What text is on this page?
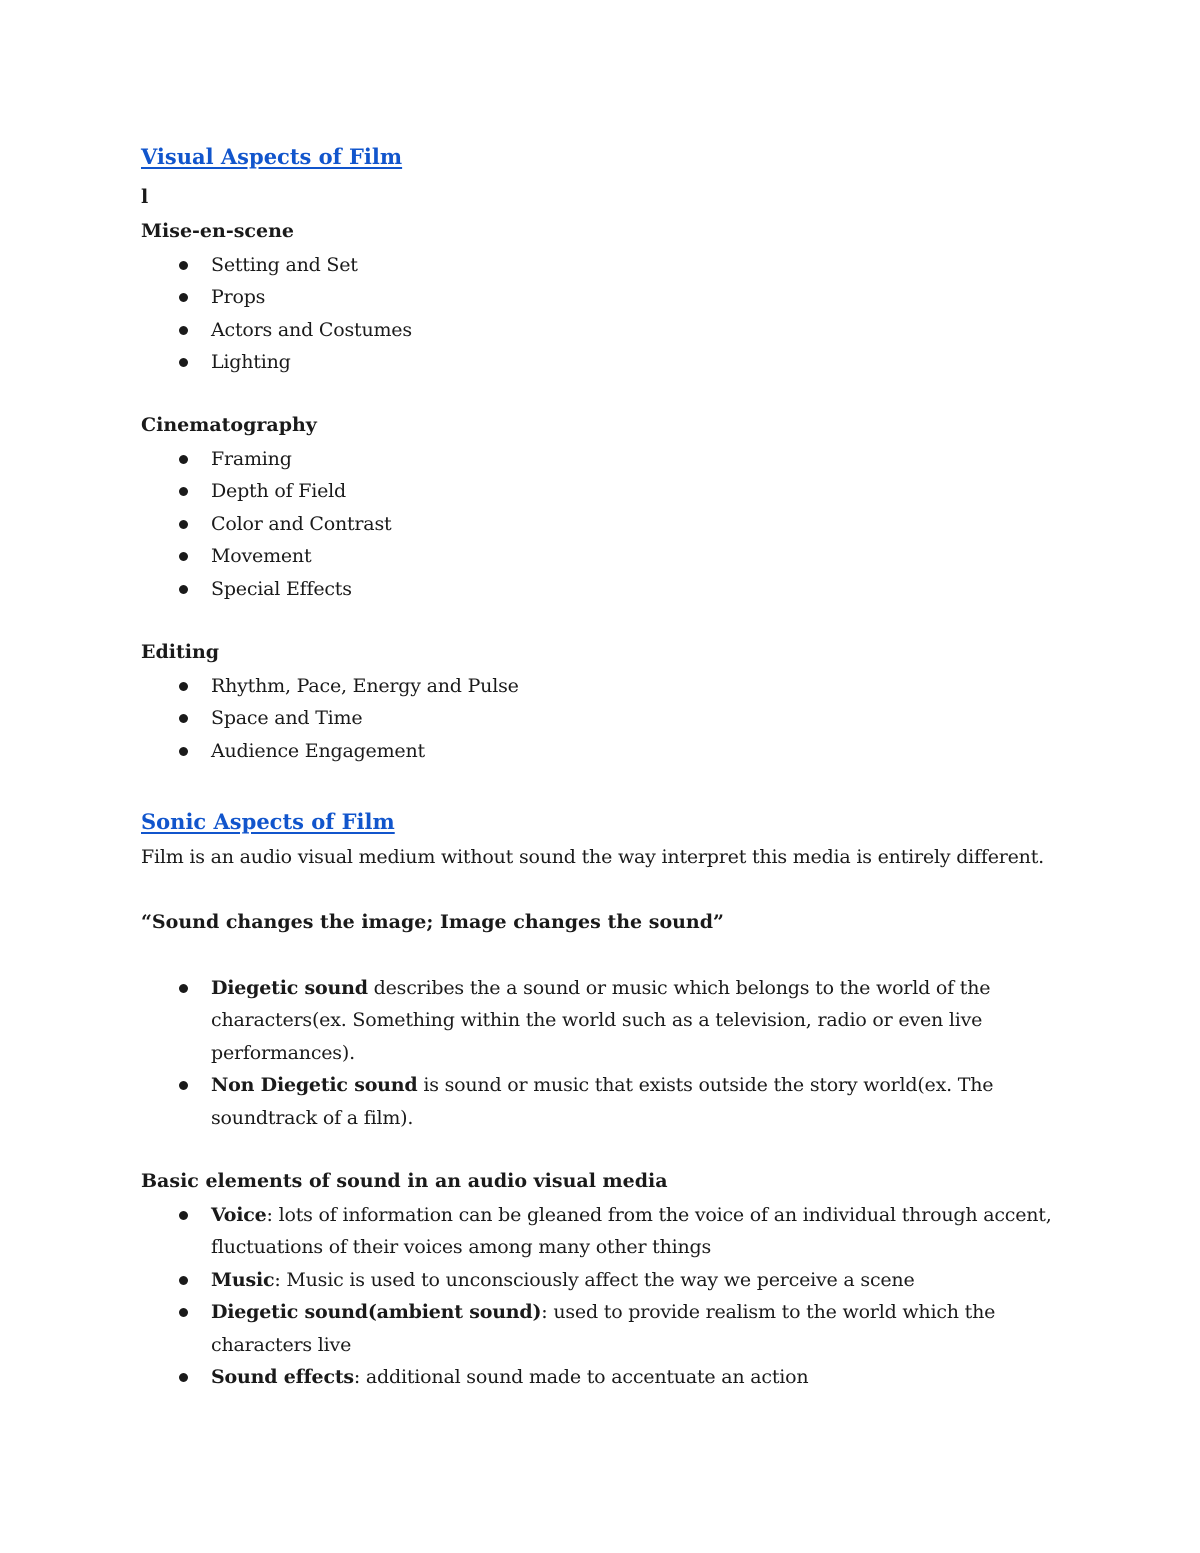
Visual Aspects of Film
l
Mise-en-scene
Setting and Set
Props
Actors and Costumes
Lighting
Cinematography
Framing
Depth of Field
Color and Contrast
Movement
Special Effects
Editing
Rhythm, Pace, Energy and Pulse
Space and Time
Audience Engagement
Sonic Aspects of Film
Film is an audio visual medium without sound the way interpret this media is entirely different.
“Sound changes the image; Image changes the sound”
Diegetic sound describes the a sound or music which belongs to the world of the
characters(ex. Something within the world such as a television, radio or even live
performances).
Non Diegetic sound is sound or music that exists outside the story world(ex. The
soundtrack of a film).
Basic elements of sound in an audio visual media
Voice: lots of information can be gleaned from the voice of an individual through accent,
fluctuations of their voices among many other things
Music: Music is used to unconsciously affect the way we perceive a scene
Diegetic sound(ambient sound): used to provide realism to the world which the
characters live
Sound effects: additional sound made to accentuate an action
